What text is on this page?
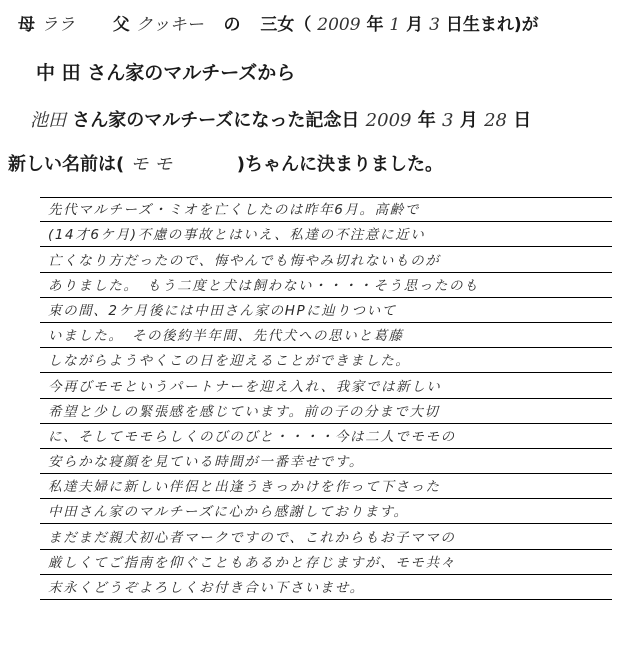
母 ララ 父 クッキー の 三女（ 2009 年 1 月 3 日生まれ)が
中 田 さん家のマルチーズから
池田 さん家のマルチーズになった記念日 2009 年 3 月 28 日
新しい名前は( モ モ	)ちゃんに決まりました。
先代マルチーズ・ミオを亡くしたのは昨年6月。高齢で
(14才6ケ月)不慮の事故とはいえ、私達の不注意に近い
亡くなり方だったので、悔やんでも悔やみ切れないものが
ありました。　もう二度と犬は飼わない・・・・そう思ったのも
束の間、2ケ月後には中田さん家のHPに辿りついて
いました。　その後約半年間、先代犬への思いと葛藤
しながらようやくこの日を迎えることができました。
今再びモモというパートナーを迎え入れ、我家では新しい
希望と少しの緊張感を感じています。前の子の分まで大切
に、そしてモモらしくのびのびと・・・・今は二人でモモの
安らかな寝顔を見ている時間が一番幸せです。
私達夫婦に新しい伴侶と出逢うきっかけを作って下さった
中田さん家のマルチーズに心から感謝しております。
まだまだ親犬初心者マークですので、これからもお子ママの
厳しくてご指南を仰ぐこともあるかと存じますが、モモ共々
末永くどうぞよろしくお付き合い下さいませ。
